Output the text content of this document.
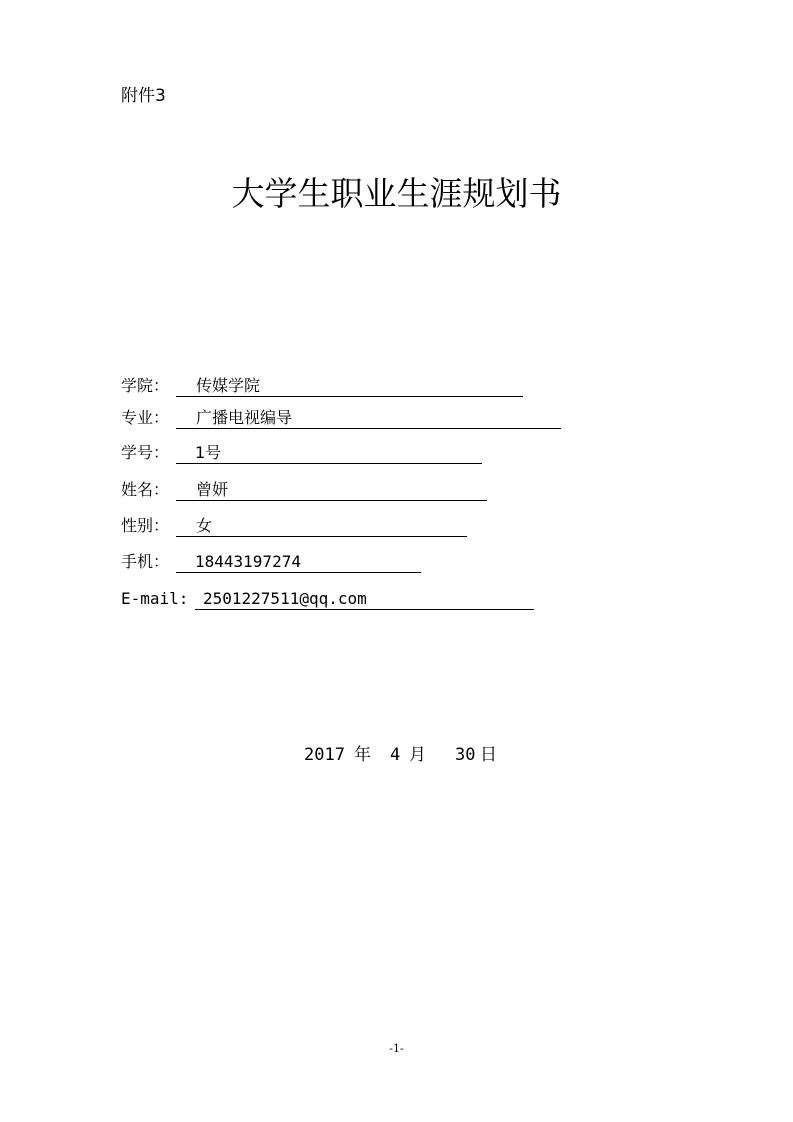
附件3
大学生职业生涯规划书
学院： 传媒学院
专业： 广播电视编导
学号： 1号
姓名： 曾妍
性别： 女
手机： 18443197274
E-mail: 2501227511@qq.com
2017 年 4 月 30 日
-1-
